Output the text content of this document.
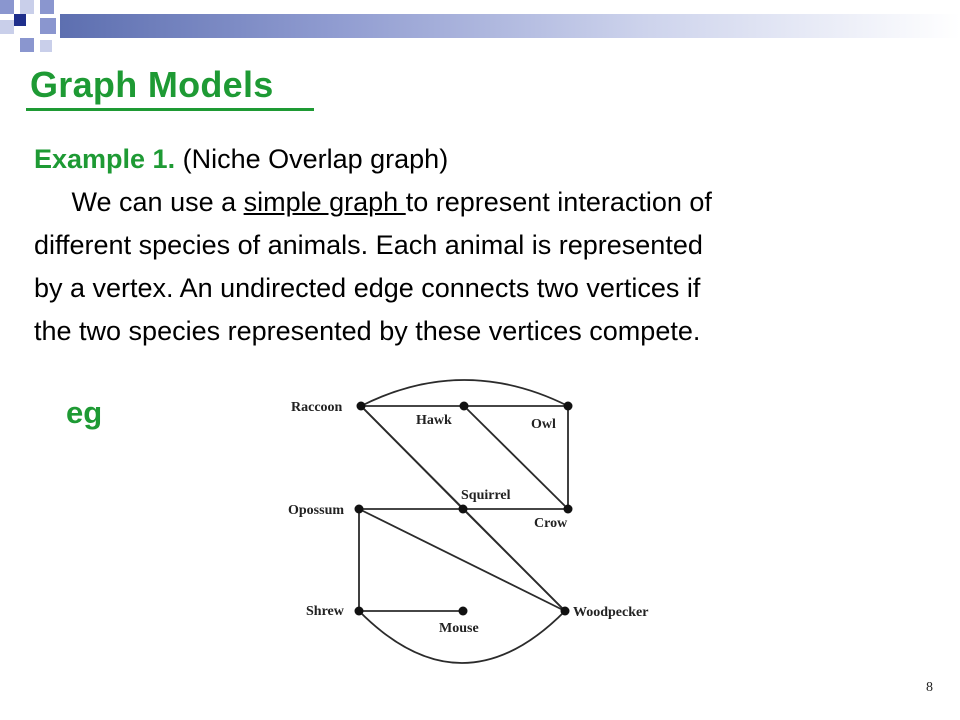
Graph Models
Example 1. (Niche Overlap graph)
We can use a simple graph to represent interaction of
different species of animals. Each animal is represented
by a vertex. An undirected edge connects two vertices if
the two species represented by these vertices compete.
eg	Raccoon
Hawk	Owl
Squirrel
Opossum
Crow
Shrew
Mouse
Woodpecker
8
